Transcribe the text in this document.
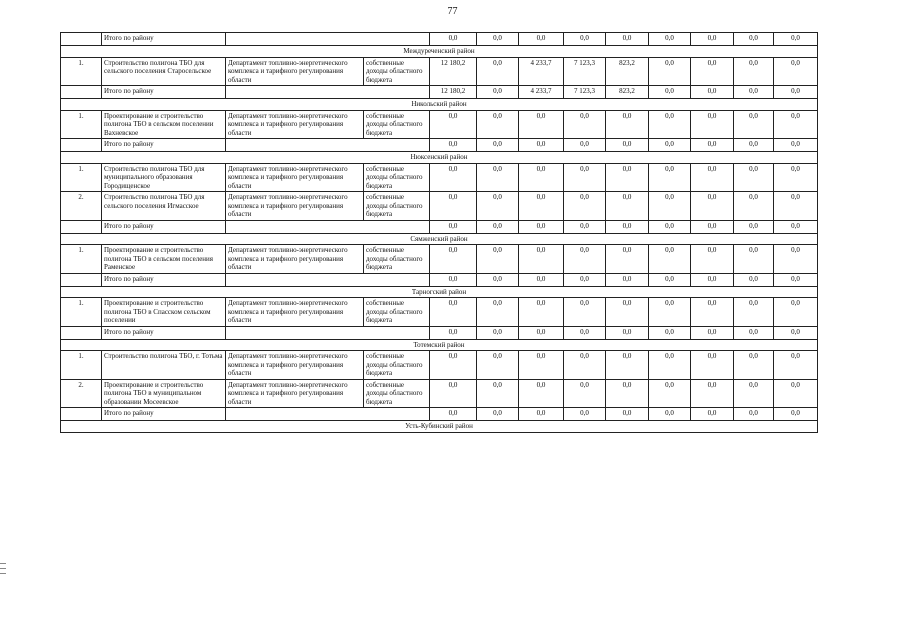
77
	Итого по району			0,0	0,0	0,0	0,0	0,0	0,0	0,0	0,0	0,0
Междуреченский район												
1.	Строительство полигона ТБО для сельского поселения Старосельское	Департамент топливно-энергетического комплекса и тарифного регулирования области	собственные доходы областного бюджета	12 180,2	0,0	4 233,7	7 123,3	823,2	0,0	0,0	0,0	0,0
	Итого по району			12 180,2	0,0	4 233,7	7 123,3	823,2	0,0	0,0	0,0	0,0
Никольский район												
1.	Проектирование и строительство полигона ТБО в сельском поселении Вахневское	Департамент топливно-энергетического комплекса и тарифного регулирования области	собственные доходы областного бюджета	0,0	0,0	0,0	0,0	0,0	0,0	0,0	0,0	0,0
	Итого по району			0,0	0,0	0,0	0,0	0,0	0,0	0,0	0,0	0,0
Нюксенский район												
1.	Строительство полигона ТБО для муниципального образования Городищенское	Департамент топливно-энергетического комплекса и тарифного регулирования области	собственные доходы областного бюджета	0,0	0,0	0,0	0,0	0,0	0,0	0,0	0,0	0,0
2.	Строительство полигона ТБО для сельского поселения Игмасское	Департамент топливно-энергетического комплекса и тарифного регулирования области	собственные доходы областного бюджета	0,0	0,0	0,0	0,0	0,0	0,0	0,0	0,0	0,0
	Итого по району			0,0	0,0	0,0	0,0	0,0	0,0	0,0	0,0	0,0
Сямженский район												
1.	Проектирование и строительство полигона ТБО в сельском поселения Раменское	Департамент топливно-энергетического комплекса и тарифного регулирования области	собственные доходы областного бюджета	0,0	0,0	0,0	0,0	0,0	0,0	0,0	0,0	0,0
	Итого по району			0,0	0,0	0,0	0,0	0,0	0,0	0,0	0,0	0,0
Тарногский район												
1.	Проектирование и строительство полигона ТБО в Спасском сельском поселении	Департамент топливно-энергетического комплекса и тарифного регулирования области	собственные доходы областного бюджета	0,0	0,0	0,0	0,0	0,0	0,0	0,0	0,0	0,0
	Итого по району			0,0	0,0	0,0	0,0	0,0	0,0	0,0	0,0	0,0
Тотемский район												
1.	Строительство полигона ТБО, г. Тотьма	Департамент топливно-энергетического комплекса и тарифного регулирования областн	собственные доходы областного бюджета	0,0	0,0	0,0	0,0	0,0	0,0	0,0	0,0	0,0
2.	Проектирование и строительство полигона ТБО в муниципальном образовании Мосеевское	Департамент топливно-энергетического комплекса и тарифного регулирования области	собственные доходы областного бюджета	0,0	0,0	0,0	0,0	0,0	0,0	0,0	0,0	0,0
	Итого по району			0,0	0,0	0,0	0,0	0,0	0,0	0,0	0,0	0,0
Усть-Кубинский район												
